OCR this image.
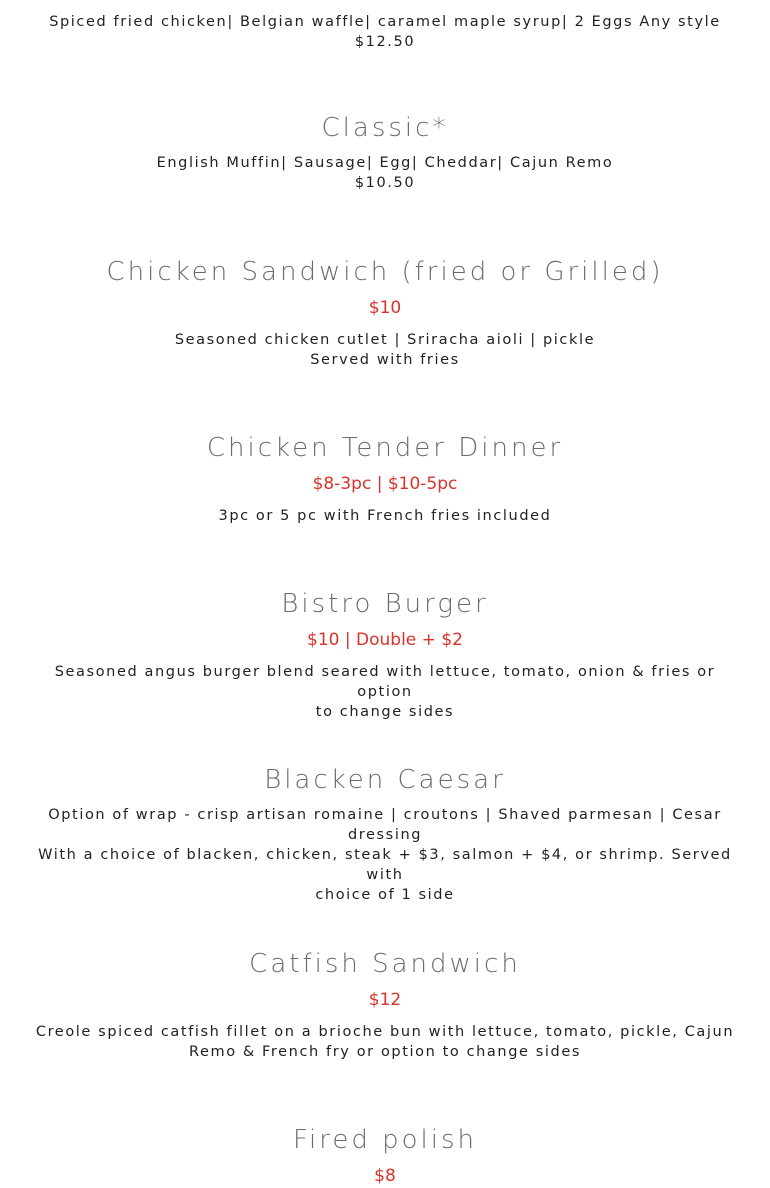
Spiced fried chicken| Belgian waffle| caramel maple syrup| 2 Eggs Any style
$12.50
Classic*
English Muffin| Sausage| Egg| Cheddar| Cajun Remo
$10.50
Chicken Sandwich (fried or Grilled)
$10
Seasoned chicken cutlet | Sriracha aioli | pickle
Served with fries
Chicken Tender Dinner
$8-3pc | $10-5pc
3pc or 5 pc with French fries included
Bistro Burger
$10 | Double + $2
Seasoned angus burger blend seared with lettuce, tomato, onion & fries or option
to change sides
Blacken Caesar
Option of wrap - crisp artisan romaine | croutons | Shaved parmesan | Cesar
dressing
With a choice of blacken, chicken, steak + $3, salmon + $4, or shrimp. Served with
choice of 1 side
Catfish Sandwich
$12
Creole spiced catfish fillet on a brioche bun with lettuce, tomato, pickle, Cajun
Remo & French fry or option to change sides
Fired polish
$8
